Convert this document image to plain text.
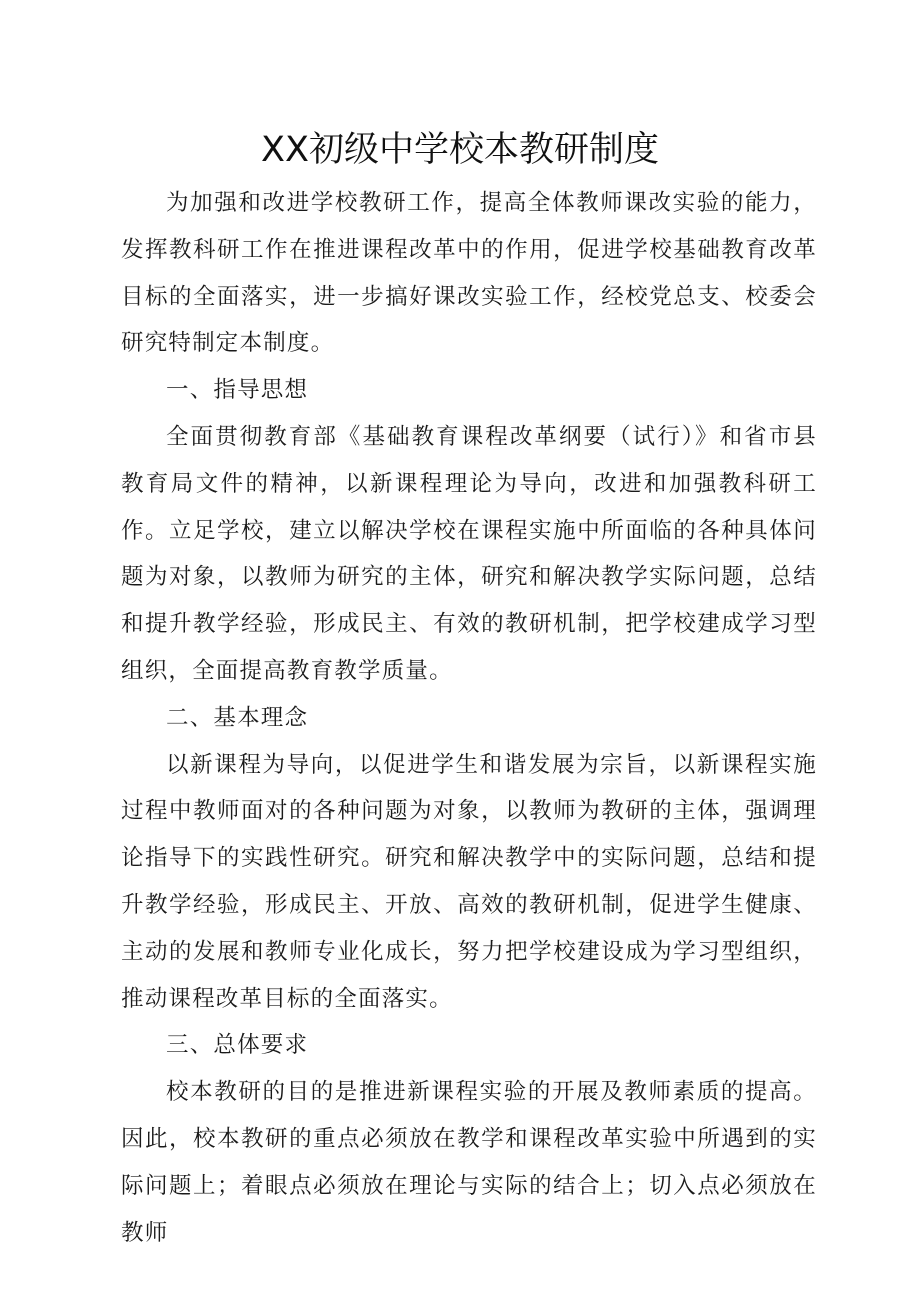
XX初级中学校本教研制度

为加强和改进学校教研工作，提高全体教师课改实验的能力，发挥教科研工作在推进课程改革中的作用，促进学校基础教育改革目标的全面落实，进一步搞好课改实验工作，经校党总支、校委会研究特制定本制度。

一、指导思想

全面贯彻教育部《基础教育课程改革纲要（试行）》和省市县教育局文件的精神，以新课程理论为导向，改进和加强教科研工作。立足学校，建立以解决学校在课程实施中所面临的各种具体问题为对象，以教师为研究的主体，研究和解决教学实际问题，总结和提升教学经验，形成民主、有效的教研机制，把学校建成学习型组织，全面提高教育教学质量。

二、基本理念

以新课程为导向，以促进学生和谐发展为宗旨，以新课程实施过程中教师面对的各种问题为对象，以教师为教研的主体，强调理论指导下的实践性研究。研究和解决教学中的实际问题，总结和提升教学经验，形成民主、开放、高效的教研机制，促进学生健康、主动的发展和教师专业化成长，努力把学校建设成为学习型组织，推动课程改革目标的全面落实。

三、总体要求

校本教研的目的是推进新课程实验的开展及教师素质的提高。因此，校本教研的重点必须放在教学和课程改革实验中所遇到的实际问题上；着眼点必须放在理论与实际的结合上；切入点必须放在教师
